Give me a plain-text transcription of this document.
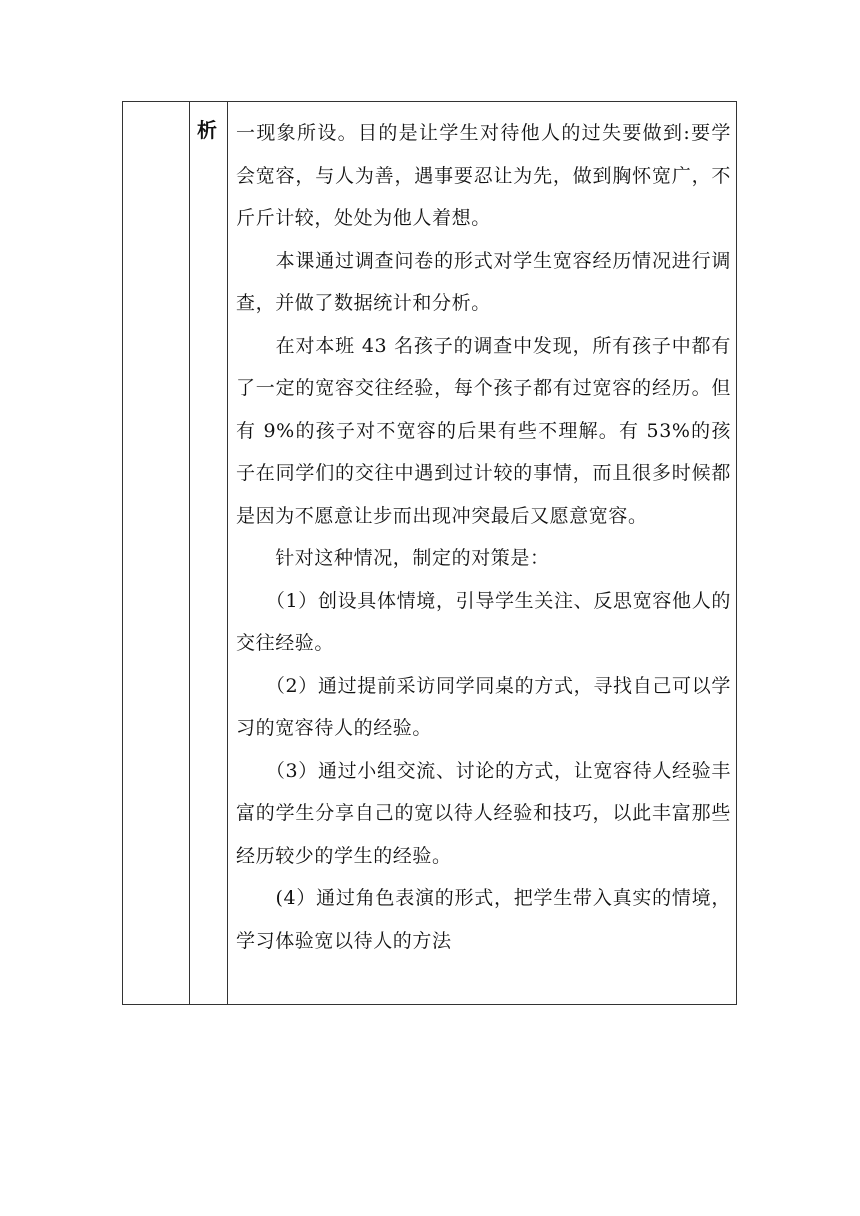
析 一现象所设。目的是让学生对待他人的过失要做到:要学会宽容，与人为善，遇事要忍让为先，做到胸怀宽广，不斤斤计较，处处为他人着想。

　　本课通过调查问卷的形式对学生宽容经历情况进行调查，并做了数据统计和分析。

　　在对本班 43 名孩子的调查中发现，所有孩子中都有了一定的宽容交往经验，每个孩子都有过宽容的经历。但有 9%的孩子对不宽容的后果有些不理解。有 53%的孩子在同学们的交往中遇到过计较的事情，而且很多时候都是因为不愿意让步而出现冲突最后又愿意宽容。

　　针对这种情况，制定的对策是：

　　（1）创设具体情境，引导学生关注、反思宽容他人的交往经验。

　　（2）通过提前采访同学同桌的方式，寻找自己可以学习的宽容待人的经验。

　　（3）通过小组交流、讨论的方式，让宽容待人经验丰富的学生分享自己的宽以待人经验和技巧，以此丰富那些经历较少的学生的经验。

　　(4）通过角色表演的形式，把学生带入真实的情境，学习体验宽以待人的方法
